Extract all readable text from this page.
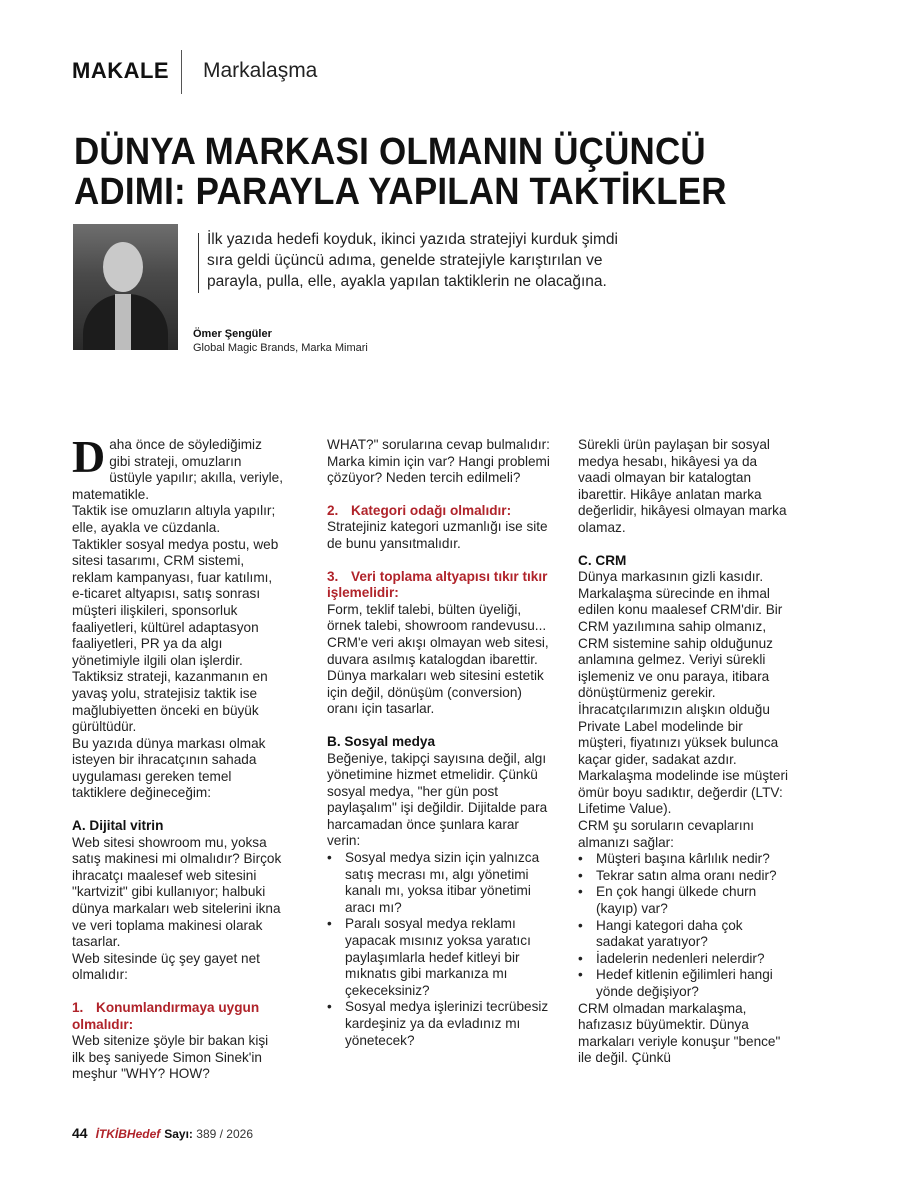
MAKALE Markalaşma
DÜNYA MARKASI OLMANIN ÜÇÜNCÜ
ADIMI: PARAYLA YAPILAN TAKTİKLER

İlk yazıda hedefi koyduk, ikinci yazıda stratejiyi kurduk şimdi sıra geldi üçüncü adıma, genelde stratejiyle karıştırılan ve parayla, pulla, elle, ayakla yapılan taktiklerin ne olacağına.

Ömer Şengüler
Global Magic Brands, Marka Mimari

Daha önce de söylediğimiz gibi strateji, omuzların üstüyle yapılır; akılla, veriyle, matematikle.

Taktik ise omuzların altıyla yapılır; elle, ayakla ve cüzdanla.

Taktikler sosyal medya postu, web sitesi tasarımı, CRM sistemi, reklam kampanyası, fuar katılımı, e-ticaret altyapısı, satış sonrası müşteri ilişkileri, sponsorluk faaliyetleri, kültürel adaptasyon faaliyetleri, PR ya da algı yönetimiyle ilgili olan işlerdir.

Taktiksiz strateji, kazanmanın en yavaş yolu, stratejisiz taktik ise mağlubiyetten önceki en büyük gürültüdür.

Bu yazıda dünya markası olmak isteyen bir ihracatçının sahada uygulaması gereken temel taktiklere değineceğim:

A. Dijital vitrin

Web sitesi showroom mu, yoksa satış makinesi mi olmalıdır? Birçok ihracatçı maalesef web sitesini "kartvizit" gibi kullanıyor; halbuki dünya markaları web sitelerini ikna ve veri toplama makinesi olarak tasarlar.

Web sitesinde üç şey gayet net olmalıdır:

1. Konumlandırmaya uygun olmalıdır:

Web sitenize şöyle bir bakan kişi ilk beş saniyede Simon Sinek'in meşhur "WHY? HOW?

WHAT?" sorularına cevap bulmalıdır: Marka kimin için var? Hangi problemi çözüyor? Neden tercih edilmeli?

2. Kategori odağı olmalıdır:

Stratejiniz kategori uzmanlığı ise site de bunu yansıtmalıdır.

3. Veri toplama altyapısı tıkır tıkır işlemelidir:

Form, teklif talebi, bülten üyeliği, örnek talebi, showroom randevusu... CRM'e veri akışı olmayan web sitesi, duvara asılmış katalogdan ibarettir. Dünya markaları web sitesini estetik için değil, dönüşüm (conversion) oranı için tasarlar.

B. Sosyal medya

Beğeniye, takipçi sayısına değil, algı yönetimine hizmet etmelidir. Çünkü sosyal medya, "her gün post paylaşalım" işi değildir. Dijitalde para harcamadan önce şunlara karar verin:

• Sosyal medya sizin için yalnızca satış mecrası mı, algı yönetimi kanalı mı, yoksa itibar yönetimi aracı mı?
• Paralı sosyal medya reklamı yapacak mısınız yoksa yaratıcı paylaşımlarla hedef kitleyi bir mıknatıs gibi markanıza mı çekeceksiniz?
• Sosyal medya işlerinizi tecrübesiz kardeşiniz ya da evladınız mı yönetecek?

Sürekli ürün paylaşan bir sosyal medya hesabı, hikâyesi ya da vaadi olmayan bir katalogtan ibarettir. Hikâye anlatan marka değerlidir, hikâyesi olmayan marka olamaz.

C. CRM

Dünya markasının gizli kasıdır. Markalaşma sürecinde en ihmal edilen konu maalesef CRM'dir. Bir CRM yazılımına sahip olmanız, CRM sistemine sahip olduğunuz anlamına gelmez. Veriyi sürekli işlemeniz ve onu paraya, itibara dönüştürmeniz gerekir. İhracatçılarımızın alışkın olduğu Private Label modelinde bir müşteri, fiyatınızı yüksek bulunca kaçar gider, sadakat azdır. Markalaşma modelinde ise müşteri ömür boyu sadıktır, değerdir (LTV: Lifetime Value).

CRM şu soruların cevaplarını almanızı sağlar:

• Müşteri başına kârlılık nedir?
• Tekrar satın alma oranı nedir?
• En çok hangi ülkede churn (kayıp) var?
• Hangi kategori daha çok sadakat yaratıyor?
• İadelerin nedenleri nelerdir?
• Hedef kitlenin eğilimleri hangi yönde değişiyor?

CRM olmadan markalaşma, hafızasız büyümektir. Dünya markaları veriyle konuşur "bence" ile değil. Çünkü

44 İTKİBHedef Sayı: 389 / 2026
